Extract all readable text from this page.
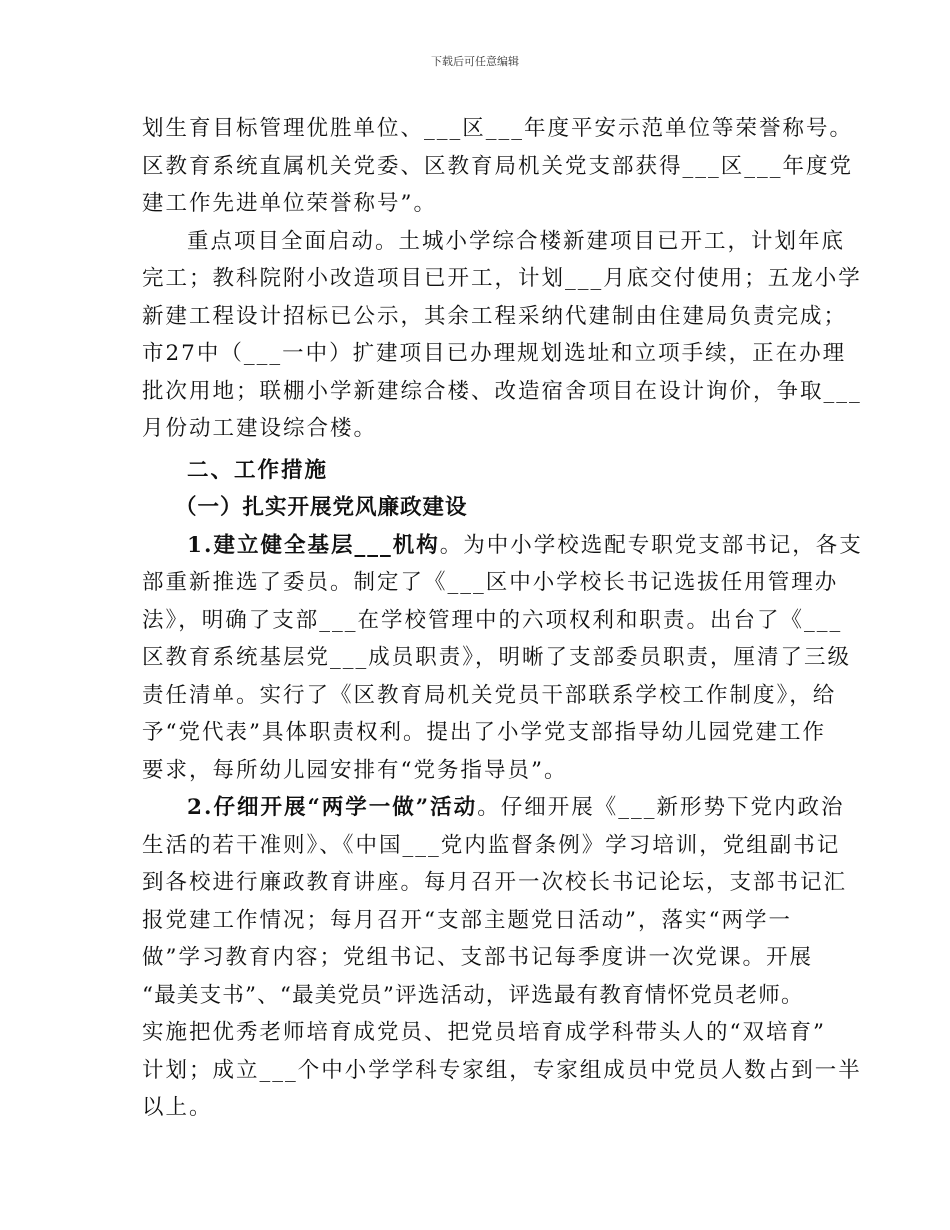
下载后可任意编辑
划生育目标管理优胜单位、___区___年度平安示范单位等荣誉称号。
区教育系统直属机关党委、区教育局机关党支部获得___区___年度党
建工作先进单位荣誉称号”。
重点项目全面启动。土城小学综合楼新建项目已开工，计划年底
完工；教科院附小改造项目已开工，计划___月底交付使用；五龙小学
新建工程设计招标已公示，其余工程采纳代建制由住建局负责完成；
市27中（___一中）扩建项目已办理规划选址和立项手续，正在办理
批次用地；联棚小学新建综合楼、改造宿舍项目在设计询价，争取___
月份动工建设综合楼。
二、工作措施
（一）扎实开展党风廉政建设
1.建立健全基层___机构。为中小学校选配专职党支部书记，各支
部重新推选了委员。制定了《___区中小学校长书记选拔任用管理办
法》，明确了支部___在学校管理中的六项权利和职责。出台了《___
区教育系统基层党___成员职责》，明晰了支部委员职责，厘清了三级
责任清单。实行了《区教育局机关党员干部联系学校工作制度》，给
予“党代表”具体职责权利。提出了小学党支部指导幼儿园党建工作
要求，每所幼儿园安排有“党务指导员”。
2.仔细开展“两学一做”活动。仔细开展《___新形势下党内政治
生活的若干准则》、《中国___党内监督条例》学习培训，党组副书记
到各校进行廉政教育讲座。每月召开一次校长书记论坛，支部书记汇
报党建工作情况；每月召开“支部主题党日活动”，落实“两学一
做”学习教育内容；党组书记、支部书记每季度讲一次党课。开展
“最美支书”、“最美党员”评选活动，评选最有教育情怀党员老师。
实施把优秀老师培育成党员、把党员培育成学科带头人的“双培育”
计划；成立___个中小学学科专家组，专家组成员中党员人数占到一半
以上。
